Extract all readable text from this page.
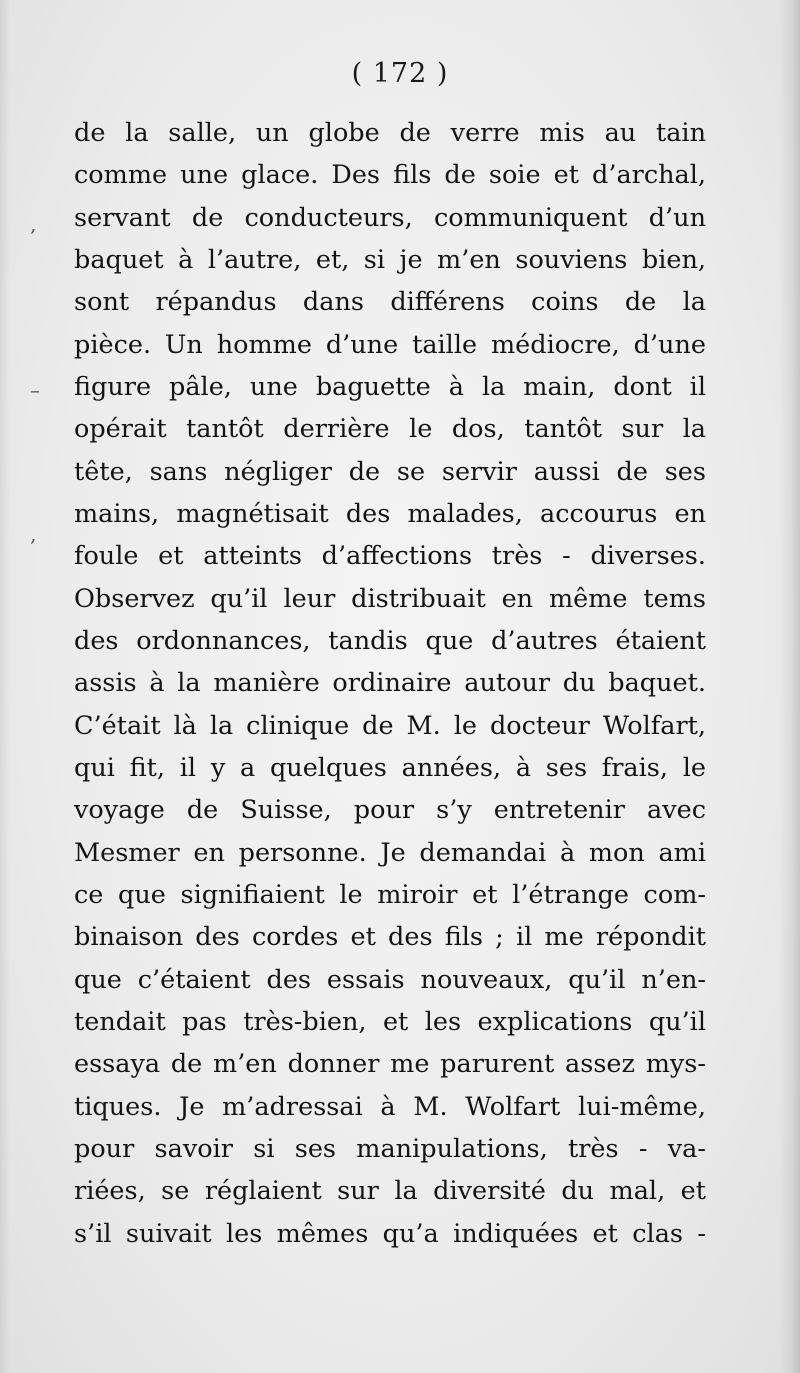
( 172 )
‚
–
‚
de la salle, un globe de verre mis au tain
comme une glace. Des fils de soie et d’archal,
servant de conducteurs, communiquent d’un
baquet à l’autre, et, si je m’en souviens bien,
sont répandus dans différens coins de la
pièce. Un homme d’une taille médiocre, d’une
figure pâle, une baguette à la main, dont il
opérait tantôt derrière le dos, tantôt sur la
tête, sans négliger de se servir aussi de ses
mains, magnétisait des malades, accourus en
foule et atteints d’affections très - diverses.
Observez qu’il leur distribuait en même tems
des ordonnances, tandis que d’autres étaient
assis à la manière ordinaire autour du baquet.
C’était là la clinique de M. le docteur Wolfart,
qui fit, il y a quelques années, à ses frais, le
voyage de Suisse, pour s’y entretenir avec
Mesmer en personne. Je demandai à mon ami
ce que signifiaient le miroir et l’étrange com-
binaison des cordes et des fils ; il me répondit
que c’étaient des essais nouveaux, qu’il n’en-
tendait pas très-bien, et les explications qu’il
essaya de m’en donner me parurent assez mys-
tiques. Je m’adressai à M. Wolfart lui-même,
pour savoir si ses manipulations, très - va-
riées, se réglaient sur la diversité du mal, et
s’il suivait les mêmes qu’a indiquées et clas -
